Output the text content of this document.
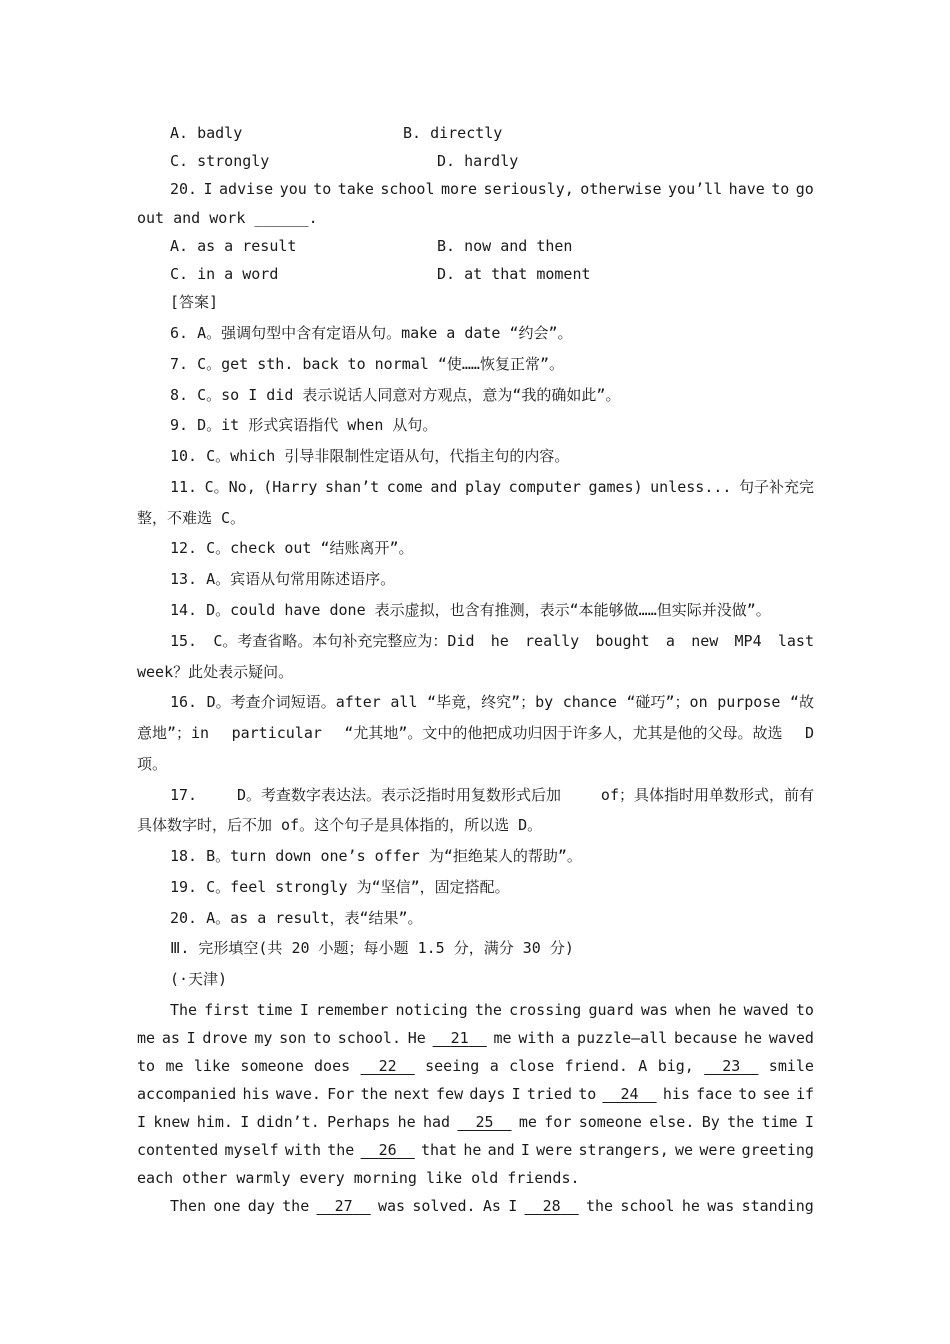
A. badly	B. directly
C. strongly	D. hardly
20. I advise you to take school more seriously, otherwise you’ll have to go
out and work ______.
A. as a result	B. now and then
C. in a word	D. at that moment
[答案]
6. A。强调句型中含有定语从句。make a date “约会”。
7. C。get sth. back to normal “使……恢复正常”。
8. C。so I did 表示说话人同意对方观点，意为“我的确如此”。
9. D。it 形式宾语指代 when 从句。
10. C。which 引导非限制性定语从句，代指主句的内容。
11. C。No, (Harry shan’t come and play computer games) unless... 句子补充完
整，不难选 C。
12. C。check out “结账离开”。
13. A。宾语从句常用陈述语序。
14. D。could have done 表示虚拟，也含有推测，表示“本能够做……但实际并没做”。
15. C。考查省略。本句补充完整应为：Did he really bought a new MP4 last
week？此处表示疑问。
16. D。考查介词短语。after all “毕竟，终究”；by chance “碰巧”；on purpose “故
意地”；in particular “尤其地”。文中的他把成功归因于许多人，尤其是他的父母。故选 D
项。
17.	D。考查数字表达法。表示泛指时用复数形式后加	of；具体指时用单数形式，前有
具体数字时，后不加 of。这个句子是具体指的，所以选 D。
18. B。turn down one’s offer 为“拒绝某人的帮助”。
19. C。feel strongly 为“坚信”，固定搭配。
20. A。as a result，表“结果”。
Ⅲ. 完形填空(共 20 小题；每小题 1.5 分，满分 30 分)
(·天津)
The first time I remember noticing the crossing guard was when he waved to
me as I drove my son to school. He	21	me with a puzzle—all because he waved
to me like someone does	22	seeing a close friend. A big,	23	smile
accompanied his wave. For the next few days I tried to	24	his face to see if
I knew him. I didn’t. Perhaps he had	25	me for someone else. By the time I
contented myself with the	26	that he and I were strangers, we were greeting
each other warmly every morning like old friends.
Then one day the	27	was solved. As I	28	the school he was standing
